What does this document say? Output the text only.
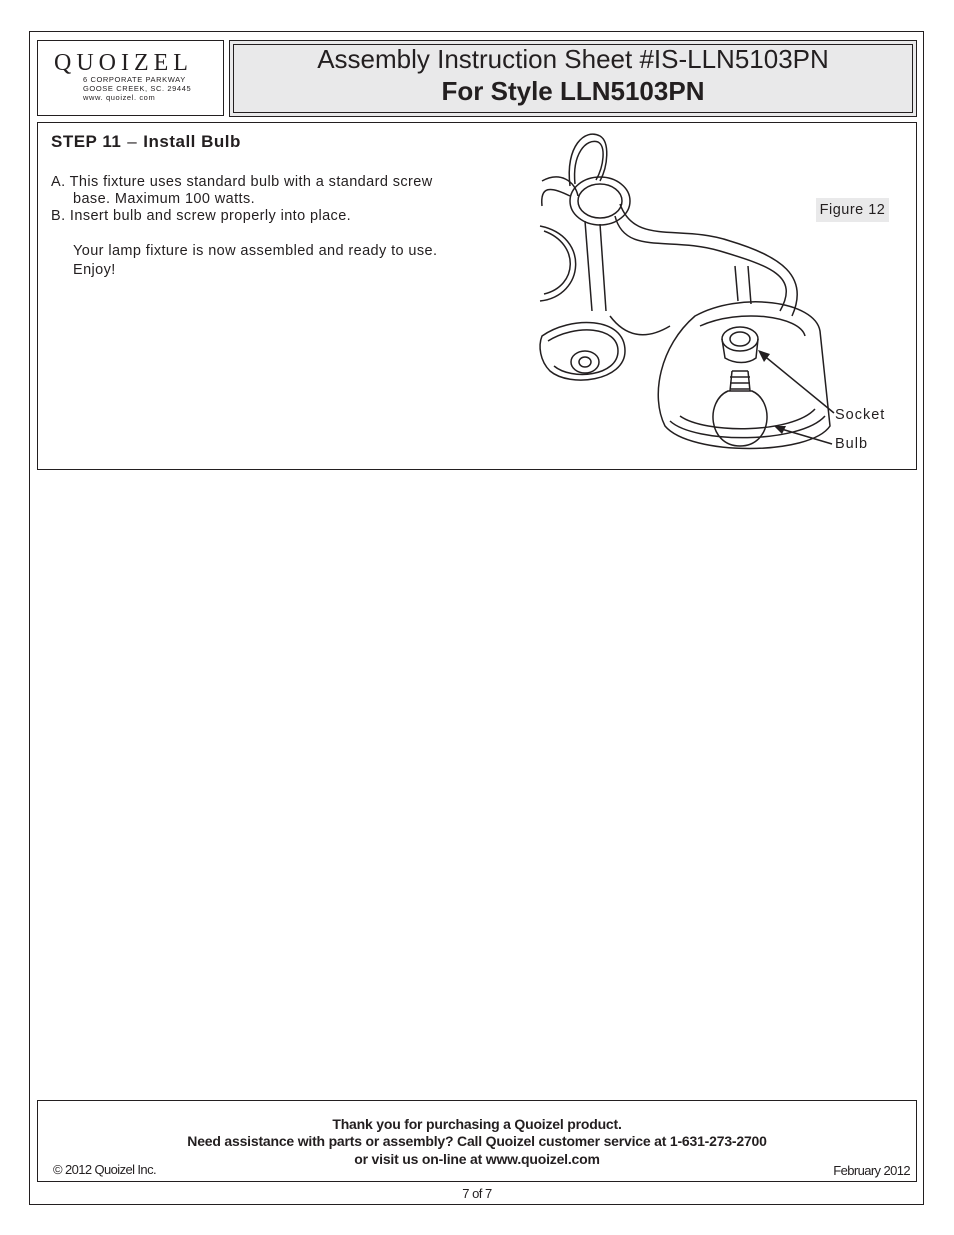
QUOIZEL
6 CORPORATE PARKWAY
GOOSE CREEK, SC. 29445
www. quoizel. com
Assembly Instruction Sheet #IS-LLN5103PN
For Style LLN5103PN
STEP 11 – Install Bulb
A. This fixture uses standard bulb with a standard screw
base. Maximum 100 watts.
B. Insert bulb and screw properly into place.
Your lamp fixture is now assembled and ready to use.
Enjoy!
Figure 12
Socket
Bulb
Thank you for purchasing a Quoizel product.
Need assistance with parts or assembly? Call Quoizel customer service at 1-631-273-2700
or visit us on-line at www.quoizel.com
© 2012 Quoizel Inc.	February 2012
7 of 7
